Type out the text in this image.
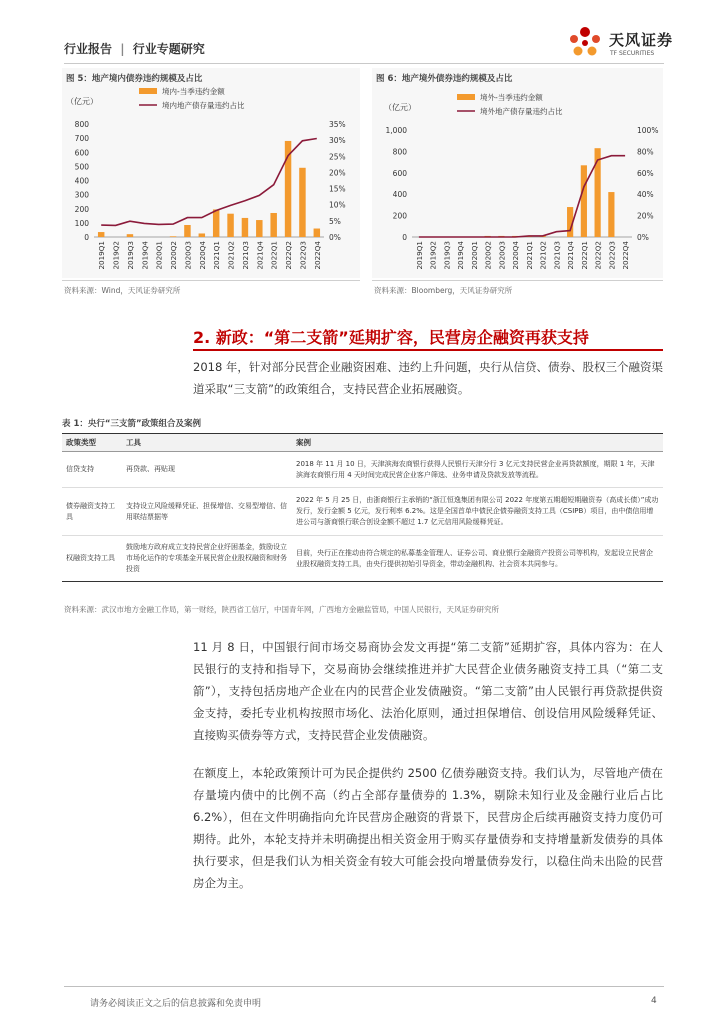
行业报告 | 行业专题研究	天风证券
TF SECURITIES
图 5：地产境内债券违约规模及占比
（亿元）
境内-当季违约金额
境内地产债存量违约占比
0
100
200
300
400
500
600
700
800
0%
5%
10%
15%
20%
25%
30%
35%
2019Q1 2019Q2 2019Q3 2019Q4 2020Q1 2020Q2 2020Q3 2020Q4 2021Q1 2021Q2 2021Q3 2021Q4 2022Q1 2022Q2 2022Q3 2022Q4
资料来源：Wind，天风证券研究所
图 6：地产境外债券违约规模及占比
（亿元）
境外-当季违约金额
境外地产债存量违约占比
0
200
400
600
800
1,000
0%
20%
40%
60%
80%
100%
2019Q1 2019Q2 2019Q3 2019Q4 2020Q1 2020Q2 2020Q3 2020Q4 2021Q1 2021Q2 2021Q3 2021Q4 2022Q1 2022Q2 2022Q3 2022Q4
资料来源：Bloomberg，天风证券研究所
2. 新政：“第二支箭”延期扩容，民营房企融资再获支持
2018 年，针对部分民营企业融资困难、违约上升问题，央行从信贷、债券、股权三个融资渠道采取“三支箭”的政策组合，支持民营企业拓展融资。
表 1：央行“三支箭”政策组合及案例
政策类型	工具	案例
信贷支持	再贷款、再贴现	2018 年 11 月 10 日，天津滨海农商银行获得人民银行天津分行 3 亿元支持民营企业再贷款额度，期限 1 年，天津滨海农商银行用 4 天时间完成民营企业客户筛选、业务申请及贷款发放等流程。
债券融资支持工具	支持设立风险缓释凭证、担保增信、交易型增信、信用联结票据等	2022 年 5 月 25 日，由浙商银行主承销的“浙江恒逸集团有限公司 2022 年度第五期超短期融资券（高成长债）”成功发行，发行金额 5 亿元，发行利率 6.2%。这是全国首单中债民企债券融资支持工具（CSIPB）项目，由中债信用增进公司与浙商银行联合创设金额不超过 1.7 亿元信用风险缓释凭证。
权融资支持工具	鼓励地方政府成立支持民营企业纾困基金，鼓励设立市场化运作的专项基金开展民营企业股权融资和财务投资	目前，央行正在推动由符合规定的私募基金管理人、证券公司、商业银行金融资产投资公司等机构，发起设立民营企业股权融资支持工具，由央行提供初始引导资金，带动金融机构、社会资本共同参与。
资料来源：武汉市地方金融工作局，第一财经，陕西省工信厅，中国青年网，广西地方金融监管局，中国人民银行，天风证券研究所
11 月 8 日，中国银行间市场交易商协会发文再提“第二支箭”延期扩容，具体内容为：在人民银行的支持和指导下，交易商协会继续推进并扩大民营企业债务融资支持工具（“第二支箭”），支持包括房地产企业在内的民营企业发债融资。“第二支箭”由人民银行再贷款提供资金支持，委托专业机构按照市场化、法治化原则，通过担保增信、创设信用风险缓释凭证、直接购买债券等方式，支持民营企业发债融资。
在额度上，本轮政策预计可为民企提供约 2500 亿债券融资支持。我们认为，尽管地产债在存量境内债中的比例不高（约占全部存量债券的 1.3%，剔除未知行业及金融行业后占比 6.2%），但在文件明确指向允许民营房企融资的背景下，民营房企后续再融资支持力度仍可期待。此外，本轮支持并未明确提出相关资金用于购买存量债券和支持增量新发债券的具体执行要求，但是我们认为相关资金有较大可能会投向增量债券发行，以稳住尚未出险的民营房企为主。
请务必阅读正文之后的信息披露和免责申明	4
